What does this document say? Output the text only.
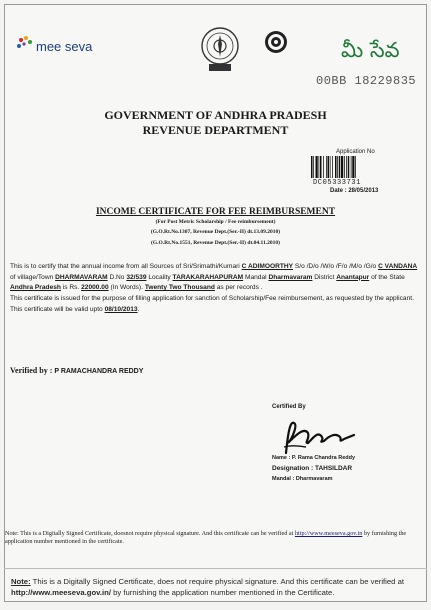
mee seva	మీ సేవ
00BB 18229835
GOVERNMENT OF ANDHRA PRADESH
REVENUE DEPARTMENT
Application No
DC05333731
Date : 28/05/2013
INCOME CERTIFICATE FOR FEE REIMBURSEMENT
(For Post Metric Scholarship / Fee reimbursement)
(G.O.Rt.No.1307, Revenue Dept.(Ser.-II) dt.13.09.2010)
(G.O.Rt.No.1551, Revenue Dept.(Ser.-II) dt.04.11.2010)
This is to certify that the annual income from all Sources of Sri/Srimathi/Kumari C ADIMOORTHY S/o /D/o /W/o /F/o /M/o /G/o C VANDANA of village/Town DHARMAVARAM D.No 32/539 Locality TARAKARAHAPURAM Mandal Dharmavaram District Anantapur of the State Andhra Pradesh is Rs. 22000.00 (In Words). Twenty Two Thousand as per records .
This certificate is issued for the purpose of filling application for sanction of Scholarship/Fee reimbursement, as requested by the applicant. This certificate will be valid upto 08/10/2013.
Verified by : P RAMACHANDRA REDDY
Certified By
Name : P. Rama Chandra Reddy
Designation : TAHSILDAR
Mandal : Dharmavaram
Note: This is a Digitally Signed Certificate, doesnot require physical signature. And this certificate can be verified at http://www.meeseva.gov.in by furnishing the application number mentioned in the certificate.
Note: This is a Digitally Signed Certificate, does not require physical signature. And this certificate can be verified at http://www.meeseva.gov.in/ by furnishing the application number mentioned in the Certificate.
